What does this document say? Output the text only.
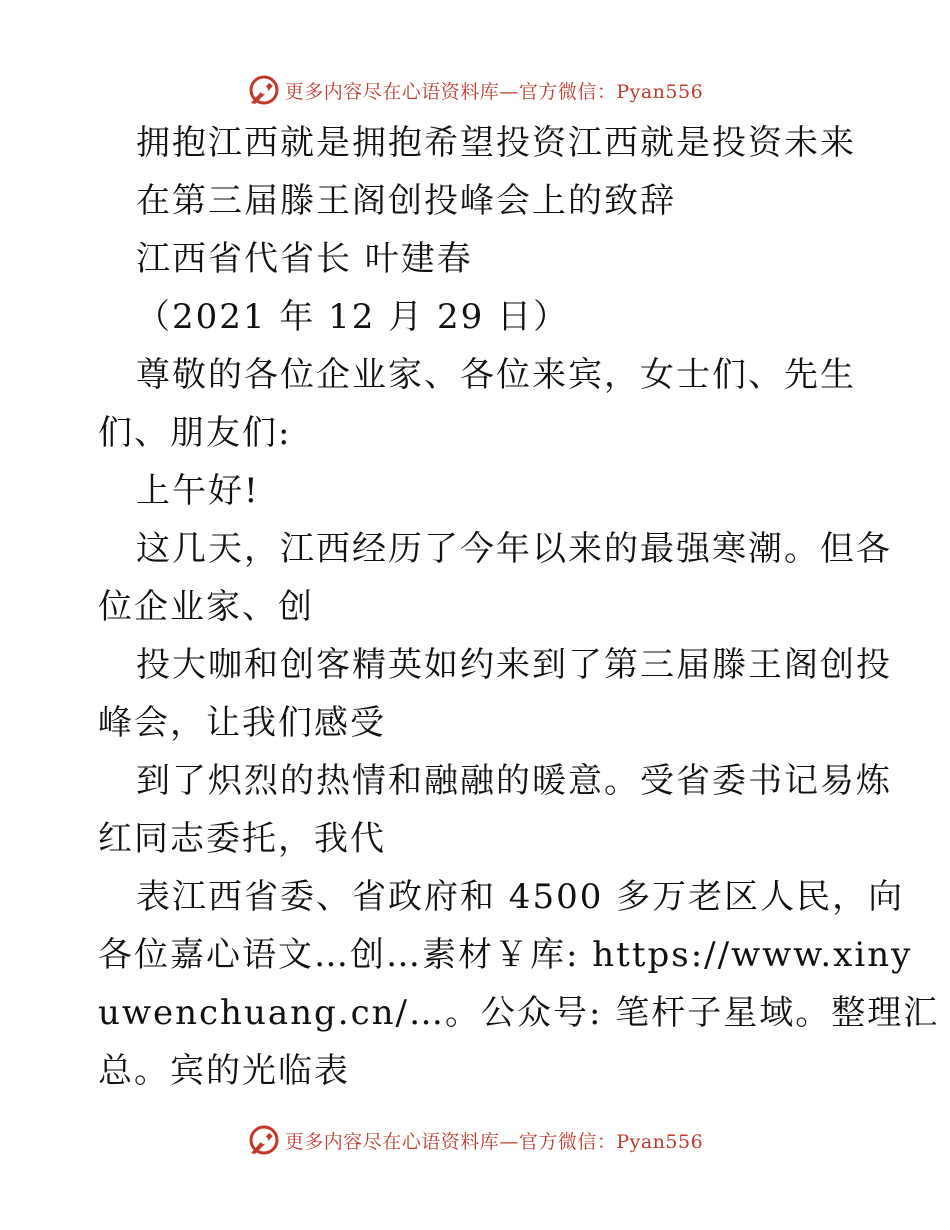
更多内容尽在心语资料库—官方微信：Pyan556
拥抱江西就是拥抱希望投资江西就是投资未来
在第三届滕王阁创投峰会上的致辞
江西省代省长 叶建春
（2021 年 12 月 29 日）
尊敬的各位企业家、各位来宾，女士们、先生
们、朋友们:
上午好!
这几天，江西经历了今年以来的最强寒潮。但各
位企业家、创
投大咖和创客精英如约来到了第三届滕王阁创投
峰会，让我们感受
到了炽烈的热情和融融的暖意。受省委书记易炼
红同志委托，我代
表江西省委、省政府和 4500 多万老区人民，向
各位嘉心语文…创…素材￥库: https://www.xiny
uwenchuang.cn/…。公众号: 笔杆子星域。整理汇
总。宾的光临表
更多内容尽在心语资料库—官方微信：Pyan556
